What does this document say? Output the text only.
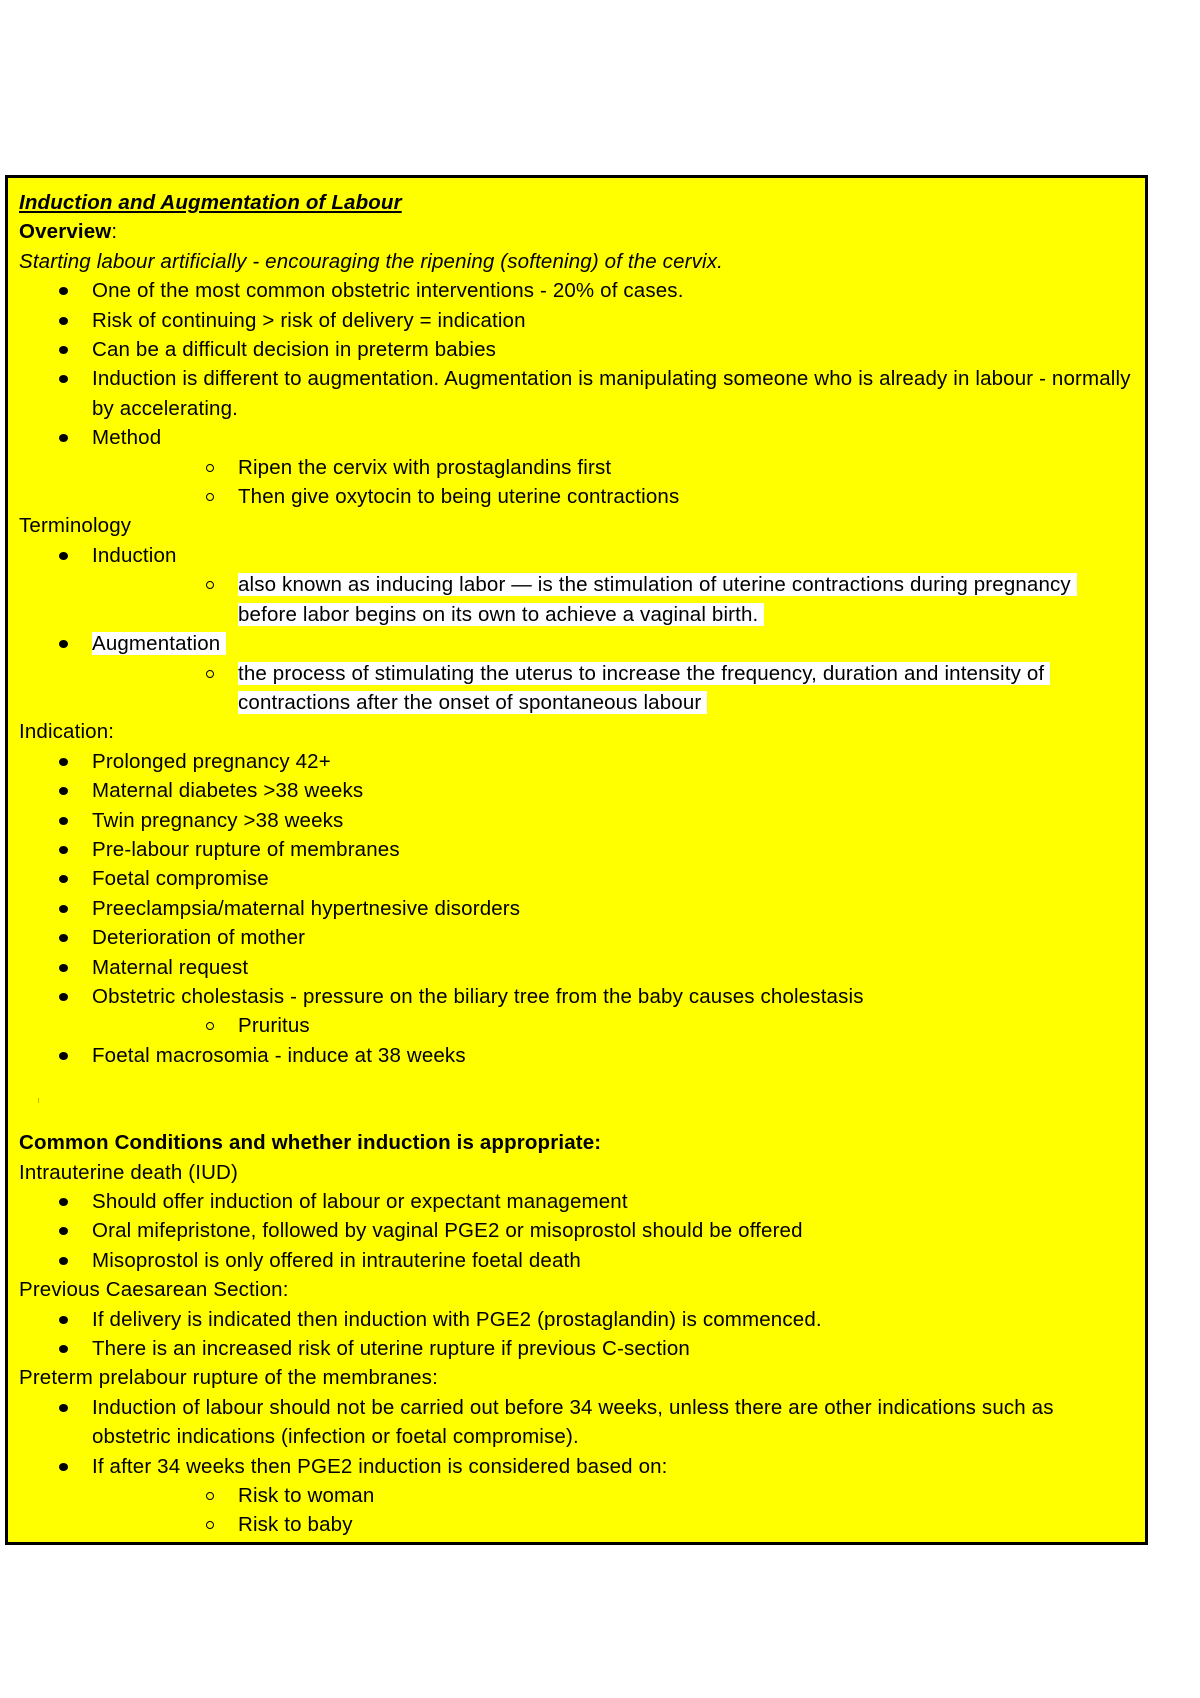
Induction and Augmentation of Labour

Overview:

Starting labour artificially - encouraging the ripening (softening) of the cervix.

One of the most common obstetric interventions - 20% of cases.
Risk of continuing > risk of delivery = indication
Can be a difficult decision in preterm babies
Induction is different to augmentation. Augmentation is manipulating someone who is already in labour - normally by accelerating.
Method
Ripen the cervix with prostaglandins first
Then give oxytocin to being uterine contractions

Terminology

Induction
also known as inducing labor — is the stimulation of uterine contractions during pregnancy before labor begins on its own to achieve a vaginal birth.
Augmentation
the process of stimulating the uterus to increase the frequency, duration and intensity of contractions after the onset of spontaneous labour

Indication:

Prolonged pregnancy 42+
Maternal diabetes >38 weeks
Twin pregnancy >38 weeks
Pre-labour rupture of membranes
Foetal compromise
Preeclampsia/maternal hypertnesive disorders
Deterioration of mother
Maternal request
Obstetric cholestasis - pressure on the biliary tree from the baby causes cholestasis
Pruritus
Foetal macrosomia - induce at 38 weeks

Common Conditions and whether induction is appropriate:

Intrauterine death (IUD)

Should offer induction of labour or expectant management
Oral mifepristone, followed by vaginal PGE2 or misoprostol should be offered
Misoprostol is only offered in intrauterine foetal death

Previous Caesarean Section:

If delivery is indicated then induction with PGE2 (prostaglandin) is commenced.
There is an increased risk of uterine rupture if previous C-section

Preterm prelabour rupture of the membranes:

Induction of labour should not be carried out before 34 weeks, unless there are other indications such as obstetric indications (infection or foetal compromise).
If after 34 weeks then PGE2 induction is considered based on:
Risk to woman
Risk to baby
